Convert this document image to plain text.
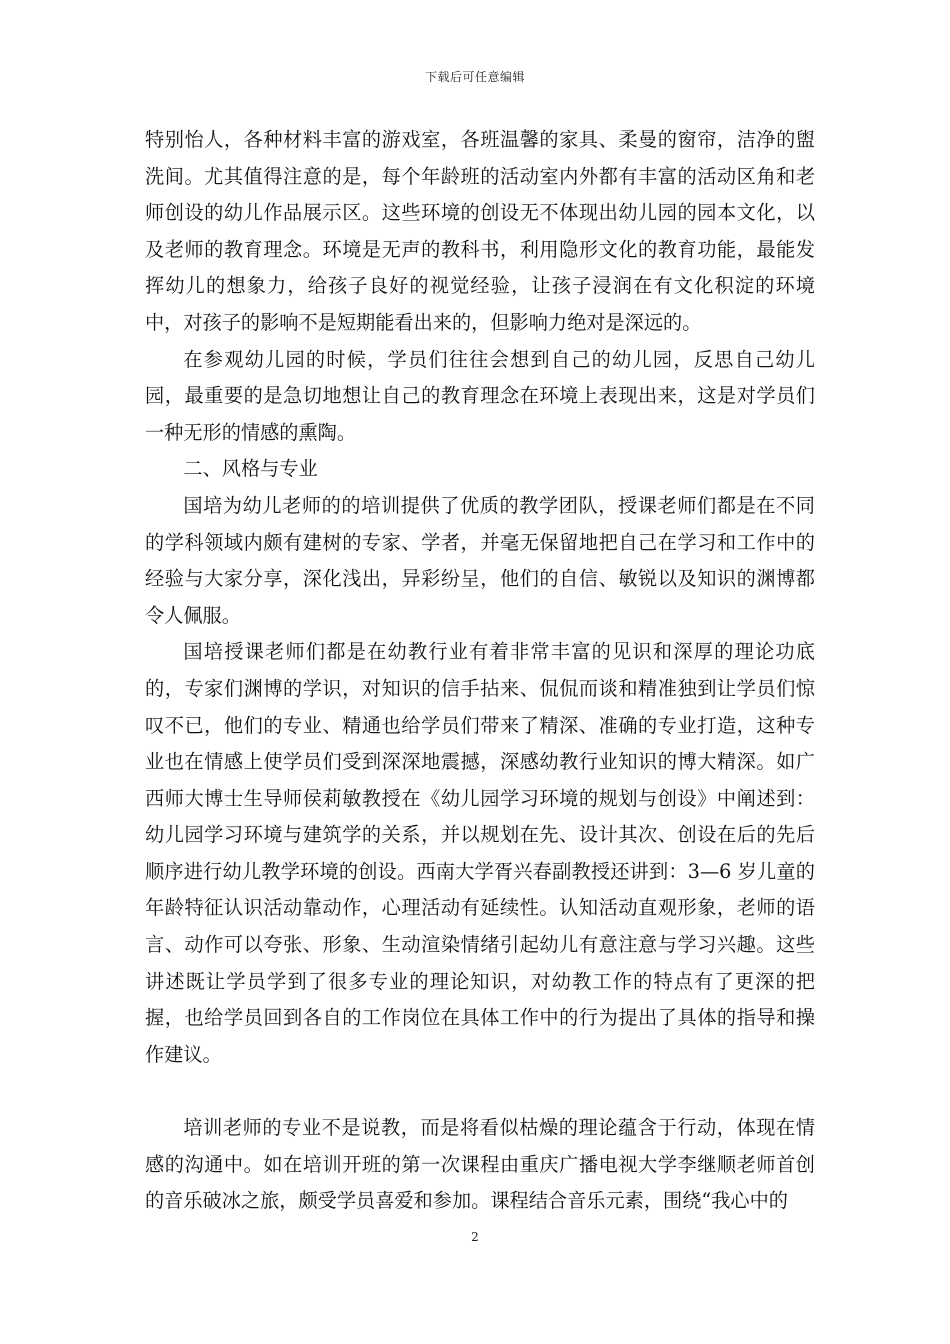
下载后可任意编辑

特别怡人，各种材料丰富的游戏室，各班温馨的家具、柔曼的窗帘，洁净的盥洗间。尤其值得注意的是，每个年龄班的活动室内外都有丰富的活动区角和老师创设的幼儿作品展示区。这些环境的创设无不体现出幼儿园的园本文化，以及老师的教育理念。环境是无声的教科书，利用隐形文化的教育功能，最能发挥幼儿的想象力，给孩子良好的视觉经验，让孩子浸润在有文化积淀的环境中，对孩子的影响不是短期能看出来的，但影响力绝对是深远的。

在参观幼儿园的时候，学员们往往会想到自己的幼儿园，反思自己幼儿园，最重要的是急切地想让自己的教育理念在环境上表现出来，这是对学员们一种无形的情感的熏陶。

二、风格与专业

国培为幼儿老师的的培训提供了优质的教学团队，授课老师们都是在不同的学科领域内颇有建树的专家、学者，并毫无保留地把自己在学习和工作中的经验与大家分享，深化浅出，异彩纷呈，他们的自信、敏锐以及知识的渊博都令人佩服。

国培授课老师们都是在幼教行业有着非常丰富的见识和深厚的理论功底的，专家们渊博的学识，对知识的信手拈来、侃侃而谈和精准独到让学员们惊叹不已，他们的专业、精通也给学员们带来了精深、准确的专业打造，这种专业也在情感上使学员们受到深深地震撼，深感幼教行业知识的博大精深。如广西师大博士生导师侯莉敏教授在《幼儿园学习环境的规划与创设》中阐述到：幼儿园学习环境与建筑学的关系，并以规划在先、设计其次、创设在后的先后顺序进行幼儿教学环境的创设。西南大学胥兴春副教授还讲到：3—6 岁儿童的年龄特征认识活动靠动作，心理活动有延续性。认知活动直观形象，老师的语言、动作可以夸张、形象、生动渲染情绪引起幼儿有意注意与学习兴趣。这些讲述既让学员学到了很多专业的理论知识，对幼教工作的特点有了更深的把握，也给学员回到各自的工作岗位在具体工作中的行为提出了具体的指导和操作建议。

培训老师的专业不是说教，而是将看似枯燥的理论蕴含于行动，体现在情感的沟通中。如在培训开班的第一次课程由重庆广播电视大学李继顺老师首创的音乐破冰之旅，颇受学员喜爱和参加。课程结合音乐元素，围绕“我心中的

2
